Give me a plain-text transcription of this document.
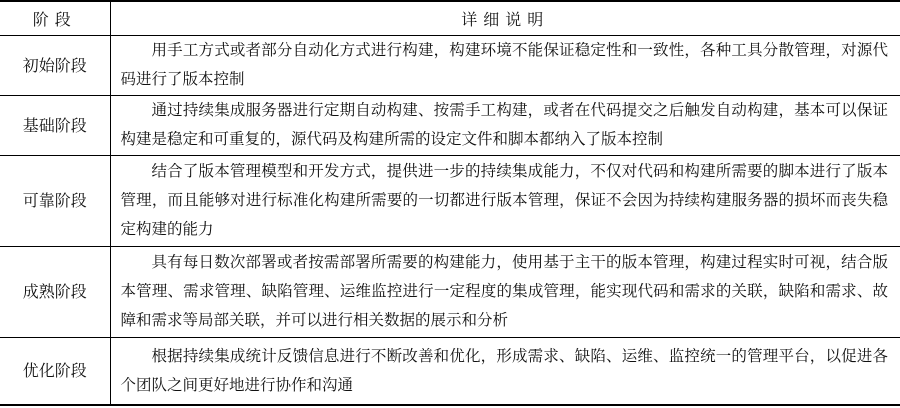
阶段	详细说明
初始阶段	用手工方式或者部分自动化方式进行构建，构建环境不能保证稳定性和一致性，各种工具分散管理，对源代码进行了版本控制
基础阶段	通过持续集成服务器进行定期自动构建、按需手工构建，或者在代码提交之后触发自动构建，基本可以保证构建是稳定和可重复的，源代码及构建所需的设定文件和脚本都纳入了版本控制
可靠阶段	结合了版本管理模型和开发方式，提供进一步的持续集成能力，不仅对代码和构建所需要的脚本进行了版本管理，而且能够对进行标准化构建所需要的一切都进行版本管理，保证不会因为持续构建服务器的损坏而丧失稳定构建的能力
成熟阶段	具有每日数次部署或者按需部署所需要的构建能力，使用基于主干的版本管理，构建过程实时可视，结合版本管理、需求管理、缺陷管理、运维监控进行一定程度的集成管理，能实现代码和需求的关联，缺陷和需求、故障和需求等局部关联，并可以进行相关数据的展示和分析
优化阶段	根据持续集成统计反馈信息进行不断改善和优化，形成需求、缺陷、运维、监控统一的管理平台，以促进各个团队之间更好地进行协作和沟通
